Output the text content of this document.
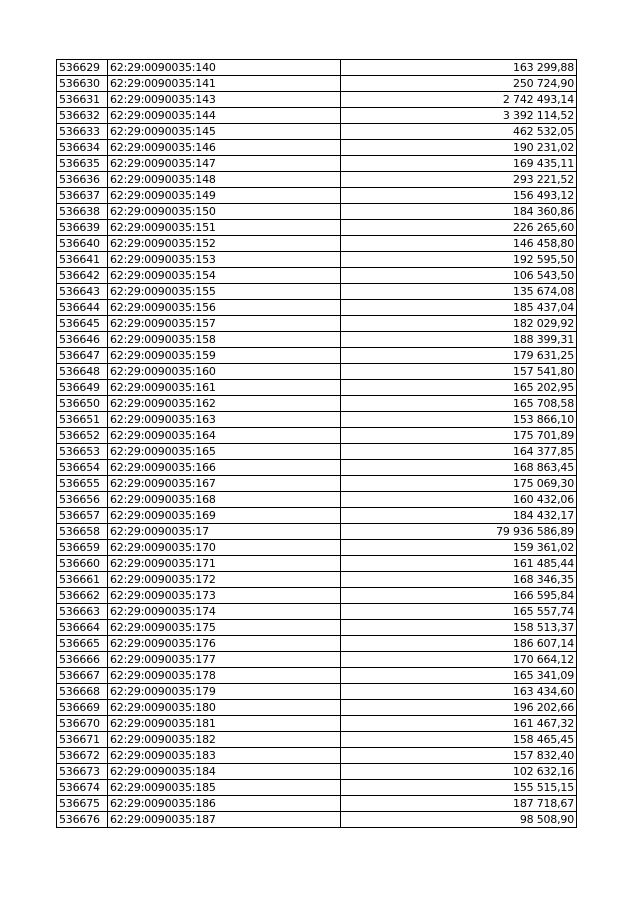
536629	62:29:0090035:140	163 299,88
536630	62:29:0090035:141	250 724,90
536631	62:29:0090035:143	2 742 493,14
536632	62:29:0090035:144	3 392 114,52
536633	62:29:0090035:145	462 532,05
536634	62:29:0090035:146	190 231,02
536635	62:29:0090035:147	169 435,11
536636	62:29:0090035:148	293 221,52
536637	62:29:0090035:149	156 493,12
536638	62:29:0090035:150	184 360,86
536639	62:29:0090035:151	226 265,60
536640	62:29:0090035:152	146 458,80
536641	62:29:0090035:153	192 595,50
536642	62:29:0090035:154	106 543,50
536643	62:29:0090035:155	135 674,08
536644	62:29:0090035:156	185 437,04
536645	62:29:0090035:157	182 029,92
536646	62:29:0090035:158	188 399,31
536647	62:29:0090035:159	179 631,25
536648	62:29:0090035:160	157 541,80
536649	62:29:0090035:161	165 202,95
536650	62:29:0090035:162	165 708,58
536651	62:29:0090035:163	153 866,10
536652	62:29:0090035:164	175 701,89
536653	62:29:0090035:165	164 377,85
536654	62:29:0090035:166	168 863,45
536655	62:29:0090035:167	175 069,30
536656	62:29:0090035:168	160 432,06
536657	62:29:0090035:169	184 432,17
536658	62:29:0090035:17	79 936 586,89
536659	62:29:0090035:170	159 361,02
536660	62:29:0090035:171	161 485,44
536661	62:29:0090035:172	168 346,35
536662	62:29:0090035:173	166 595,84
536663	62:29:0090035:174	165 557,74
536664	62:29:0090035:175	158 513,37
536665	62:29:0090035:176	186 607,14
536666	62:29:0090035:177	170 664,12
536667	62:29:0090035:178	165 341,09
536668	62:29:0090035:179	163 434,60
536669	62:29:0090035:180	196 202,66
536670	62:29:0090035:181	161 467,32
536671	62:29:0090035:182	158 465,45
536672	62:29:0090035:183	157 832,40
536673	62:29:0090035:184	102 632,16
536674	62:29:0090035:185	155 515,15
536675	62:29:0090035:186	187 718,67
536676	62:29:0090035:187	98 508,90
